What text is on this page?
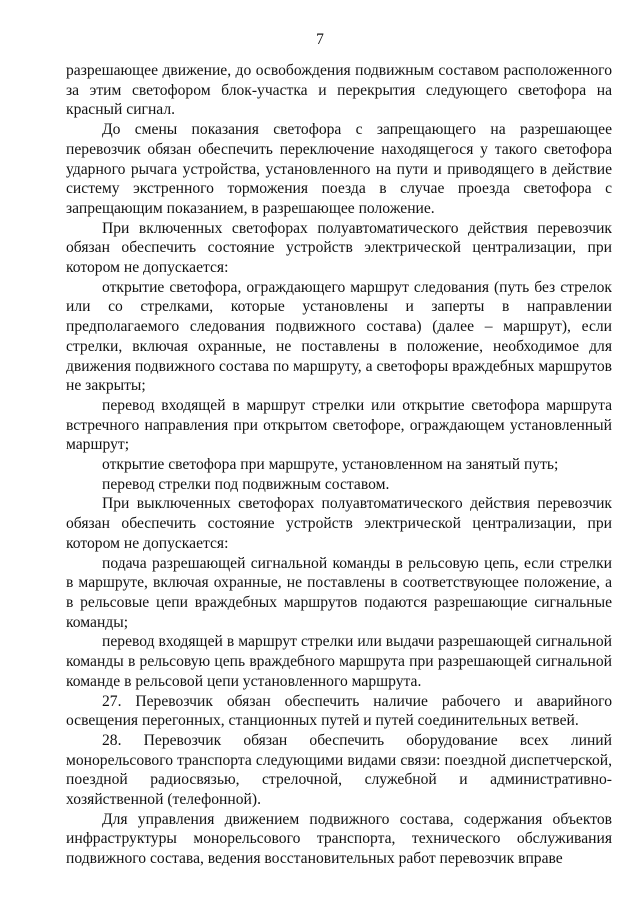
7

разрешающее движение, до освобождения подвижным составом расположенного за этим светофором блок-участка и перекрытия следующего светофора на красный сигнал.

До смены показания светофора с запрещающего на разрешающее перевозчик обязан обеспечить переключение находящегося у такого светофора ударного рычага устройства, установленного на пути и приводящего в действие систему экстренного торможения поезда в случае проезда светофора с запрещающим показанием, в разрешающее положение.

При включенных светофорах полуавтоматического действия перевозчик обязан обеспечить состояние устройств электрической централизации, при котором не допускается:

открытие светофора, ограждающего маршрут следования (путь без стрелок или со стрелками, которые установлены и заперты в направлении предполагаемого следования подвижного состава) (далее – маршрут), если стрелки, включая охранные, не поставлены в положение, необходимое для движения подвижного состава по маршруту, а светофоры враждебных маршрутов не закрыты;

перевод входящей в маршрут стрелки или открытие светофора маршрута встречного направления при открытом светофоре, ограждающем установленный маршрут;

открытие светофора при маршруте, установленном на занятый путь;

перевод стрелки под подвижным составом.

При выключенных светофорах полуавтоматического действия перевозчик обязан обеспечить состояние устройств электрической централизации, при котором не допускается:

подача разрешающей сигнальной команды в рельсовую цепь, если стрелки в маршруте, включая охранные, не поставлены в соответствующее положение, а в рельсовые цепи враждебных маршрутов подаются разрешающие сигнальные команды;

перевод входящей в маршрут стрелки или выдачи разрешающей сигнальной команды в рельсовую цепь враждебного маршрута при разрешающей сигнальной команде в рельсовой цепи установленного маршрута.

27. Перевозчик обязан обеспечить наличие рабочего и аварийного освещения перегонных, станционных путей и путей соединительных ветвей.

28. Перевозчик обязан обеспечить оборудование всех линий монорельсового транспорта следующими видами связи: поездной диспетчерской, поездной радиосвязью, стрелочной, служебной и административно-хозяйственной (телефонной).

Для управления движением подвижного состава, содержания объектов инфраструктуры монорельсового транспорта, технического обслуживания подвижного состава, ведения восстановительных работ перевозчик вправе
